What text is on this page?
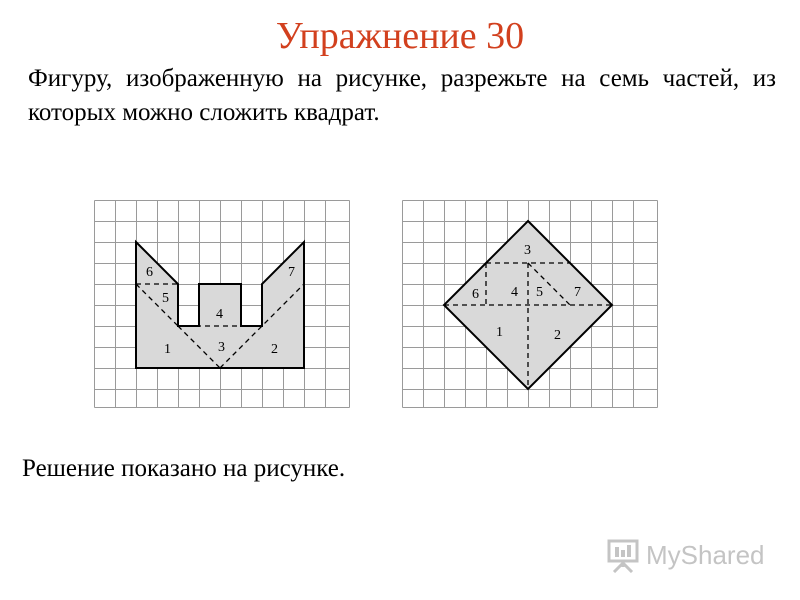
Упражнение 30
Фигуру, изображенную на рисунке, разрежьте на семь частей, из которых можно сложить квадрат.
6
5
4
1	3	2
7
3
6 4 5 7
1	2
Решение показано на рисунке.
MyShared
